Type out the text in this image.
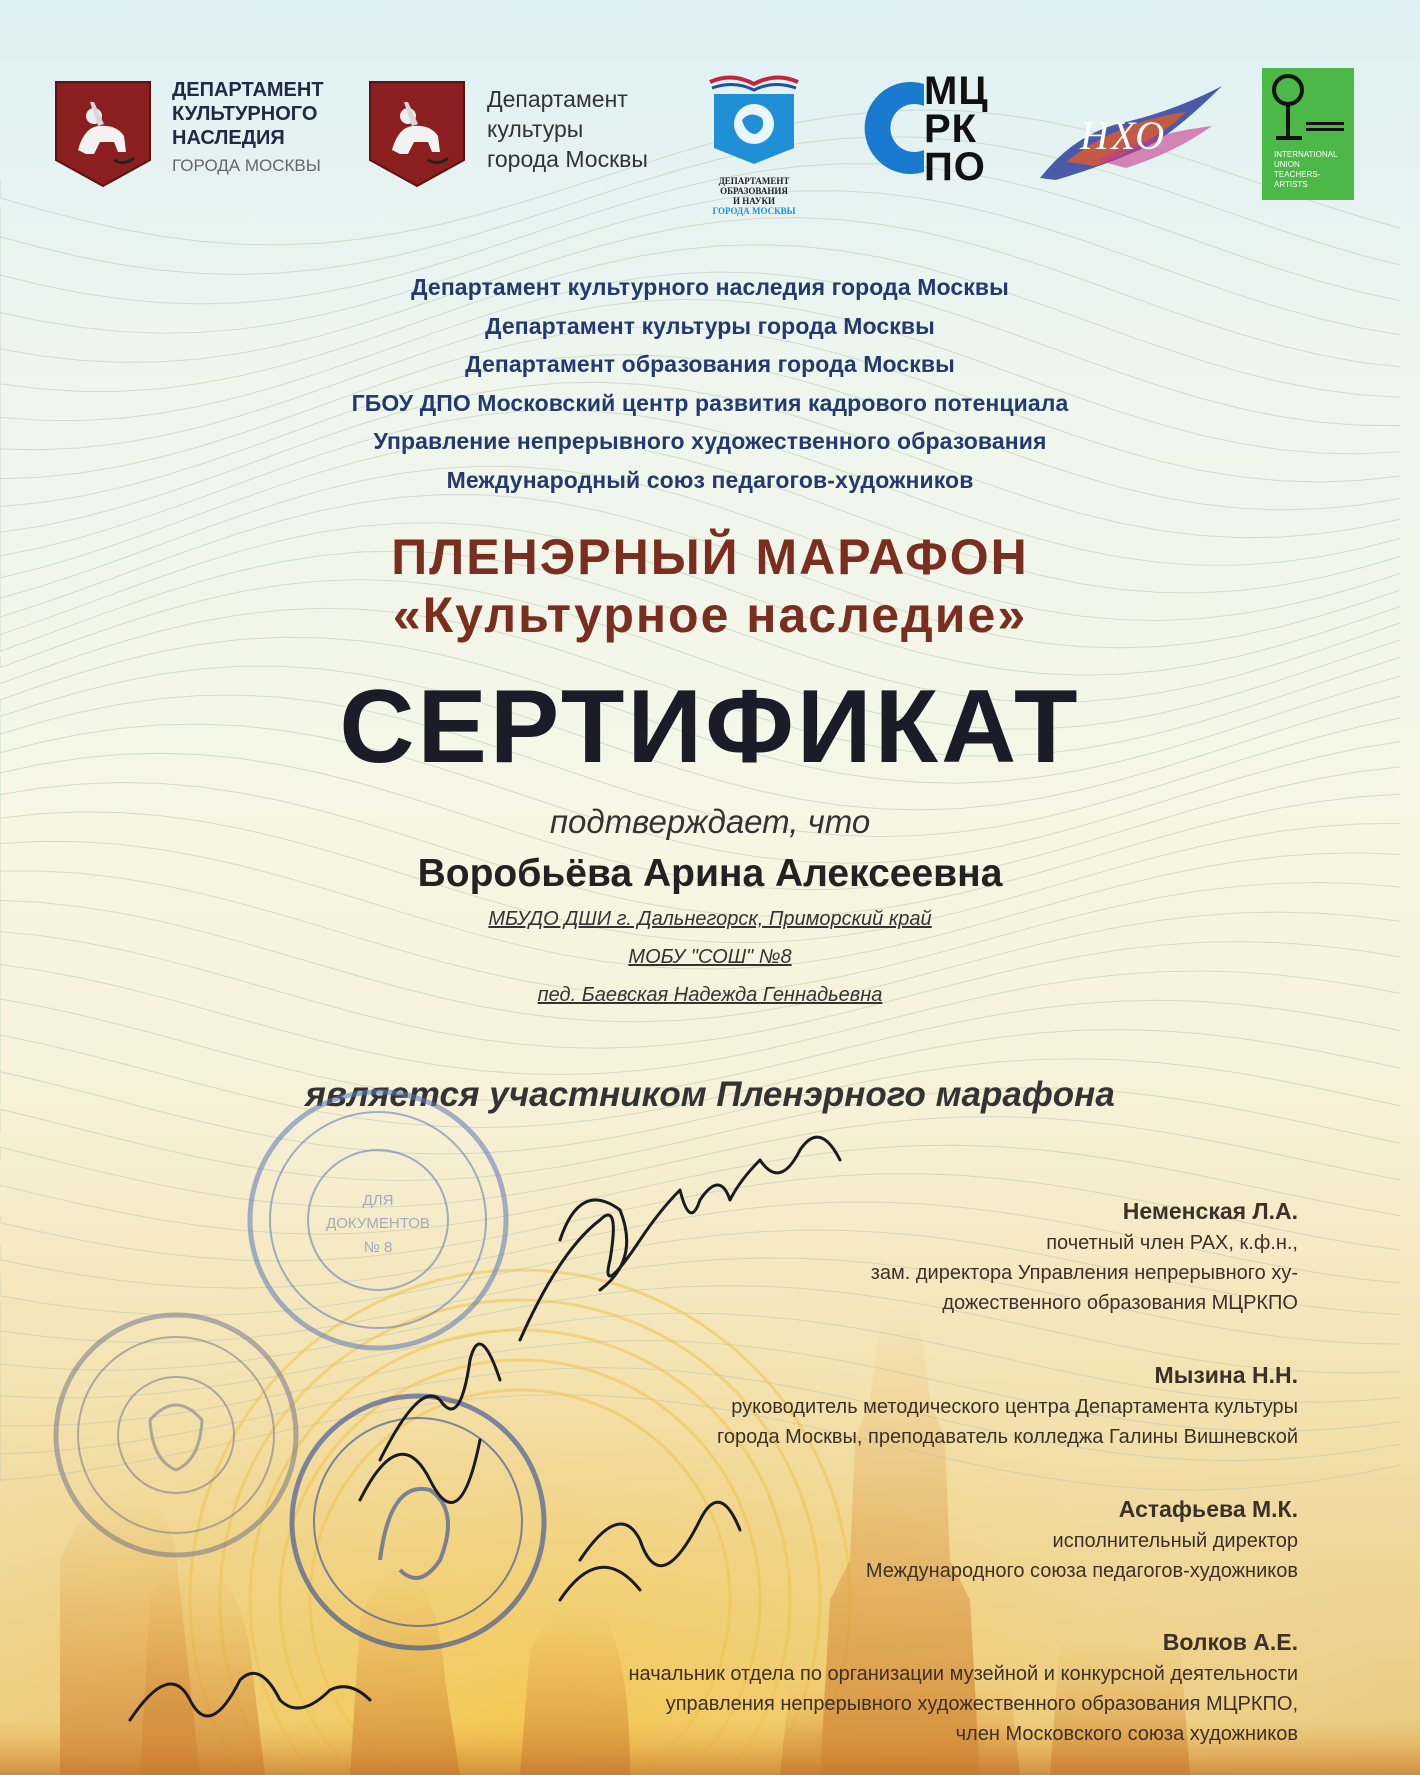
ДЕПАРТАМЕНТ
КУЛЬТУРНОГО
НАСЛЕДИЯ
ГОРОДА МОСКВЫ
Департамент
культуры
города Москвы
ДЕПАРТАМЕНТ
ОБРАЗОВАНИЯ
И НАУКИ
ГОРОДА МОСКВЫ
МЦ
РК
ПО
НХО	INTERNATIONAL
UNION
TEACHERS-
ARTISTS
Департамент культурного наследия города Москвы
Департамент культуры города Москвы
Департамент образования города Москвы
ГБОУ ДПО Московский центр развития кадрового потенциала
Управление непрерывного художественного образования
Международный союз педагогов-художников
ПЛЕНЭРНЫЙ МАРАФОН
«Культурное наследие»
СЕРТИФИКАТ
подтверждает, что
Воробьёва Арина Алексеевна
МБУДО ДШИ г. Дальнегорск, Приморский край
МОБУ "СОШ" №8
пед. Баевская Надежда Геннадьевна
является участником Пленэрного марафона
Неменская Л.А.
почетный член РАХ, к.ф.н.,
зам. директора Управления непрерывного ху-
дожественного образования МЦРКПО
Мызина Н.Н.
руководитель методического центра Департамента культуры
города Москвы, преподаватель колледжа Галины Вишневской
Астафьева М.К.
исполнительный директор
Международного союза педагогов-художников
Волков А.Е.
начальник отдела по организации музейной и конкурсной деятельности
управления непрерывного художественного образования МЦРКПО,
член Московского союза художников
ДЛЯ
ДОКУМЕНТОВ
№ 8
